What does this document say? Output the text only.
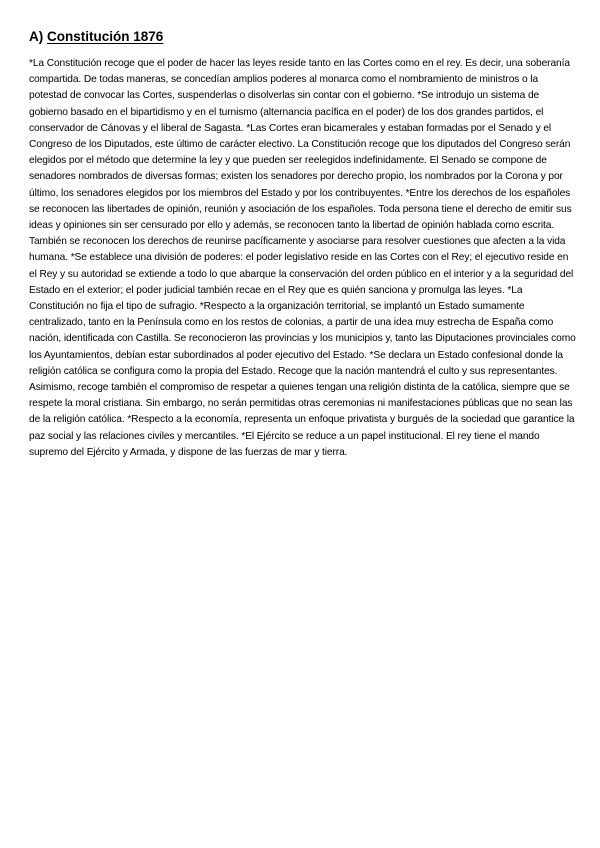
A) Constitución 1876

*La Constitución recoge que el poder de hacer las leyes reside tanto en las Cortes como en el rey. Es decir, una soberanía compartida. De todas maneras, se concedían amplios poderes al monarca como el nombramiento de ministros o la potestad de convocar las Cortes, suspenderlas o disolverlas sin contar con el gobierno. *Se introdujo un sistema de gobierno basado en el bipartidismo y en el turnismo (alternancia pacífica en el poder) de los dos grandes partidos, el conservador de Cánovas y el liberal de Sagasta. *Las Cortes eran bicamerales y estaban formadas por el Senado y el Congreso de los Diputados, este último de carácter electivo. La Constitución recoge que los diputados del Congreso serán elegidos por el método que determine la ley y que pueden ser reelegidos indefinidamente. El Senado se compone de senadores nombrados de diversas formas; existen los senadores por derecho propio, los nombrados por la Corona y por último, los senadores elegidos por los miembros del Estado y por los contribuyentes. *Entre los derechos de los españoles se reconocen las libertades de opinión, reunión y asociación de los españoles. Toda persona tiene el derecho de emitir sus ideas y opiniones sin ser censurado por ello y además, se reconocen tanto la libertad de opinión hablada como escrita. También se reconocen los derechos de reunirse pacíficamente y asociarse para resolver cuestiones que afecten a la vida humana. *Se establece una división de poderes: el poder legislativo reside en las Cortes con el Rey; el ejecutivo reside en el Rey y su autoridad se extiende a todo lo que abarque la conservación del orden público en el interior y a la seguridad del Estado en el exterior; el poder judicial también recae en el Rey que es quién sanciona y promulga las leyes. *La Constitución no fija el tipo de sufragio. *Respecto a la organización territorial, se implantó un Estado sumamente centralizado, tanto en la Península como en los restos de colonias, a partir de una idea muy estrecha de España como nación, identificada con Castilla. Se reconocieron las provincias y los municipios y, tanto las Diputaciones provinciales como los Ayuntamientos, debían estar subordinados al poder ejecutivo del Estado. *Se declara un Estado confesional donde la religión católica se configura como la propia del Estado. Recoge que la nación mantendrá el culto y sus representantes. Asimismo, recoge también el compromiso de respetar a quienes tengan una religión distinta de la católica, siempre que se respete la moral cristiana. Sin embargo, no serán permitidas otras ceremonias ni manifestaciones públicas que no sean las de la religión católica. *Respecto a la economía, representa un enfoque privatista y burgués de la sociedad que garantice la paz social y las relaciones civiles y mercantiles. *El Ejército se reduce a un papel institucional. El rey tiene el mando supremo del Ejército y Armada, y dispone de las fuerzas de mar y tierra.
